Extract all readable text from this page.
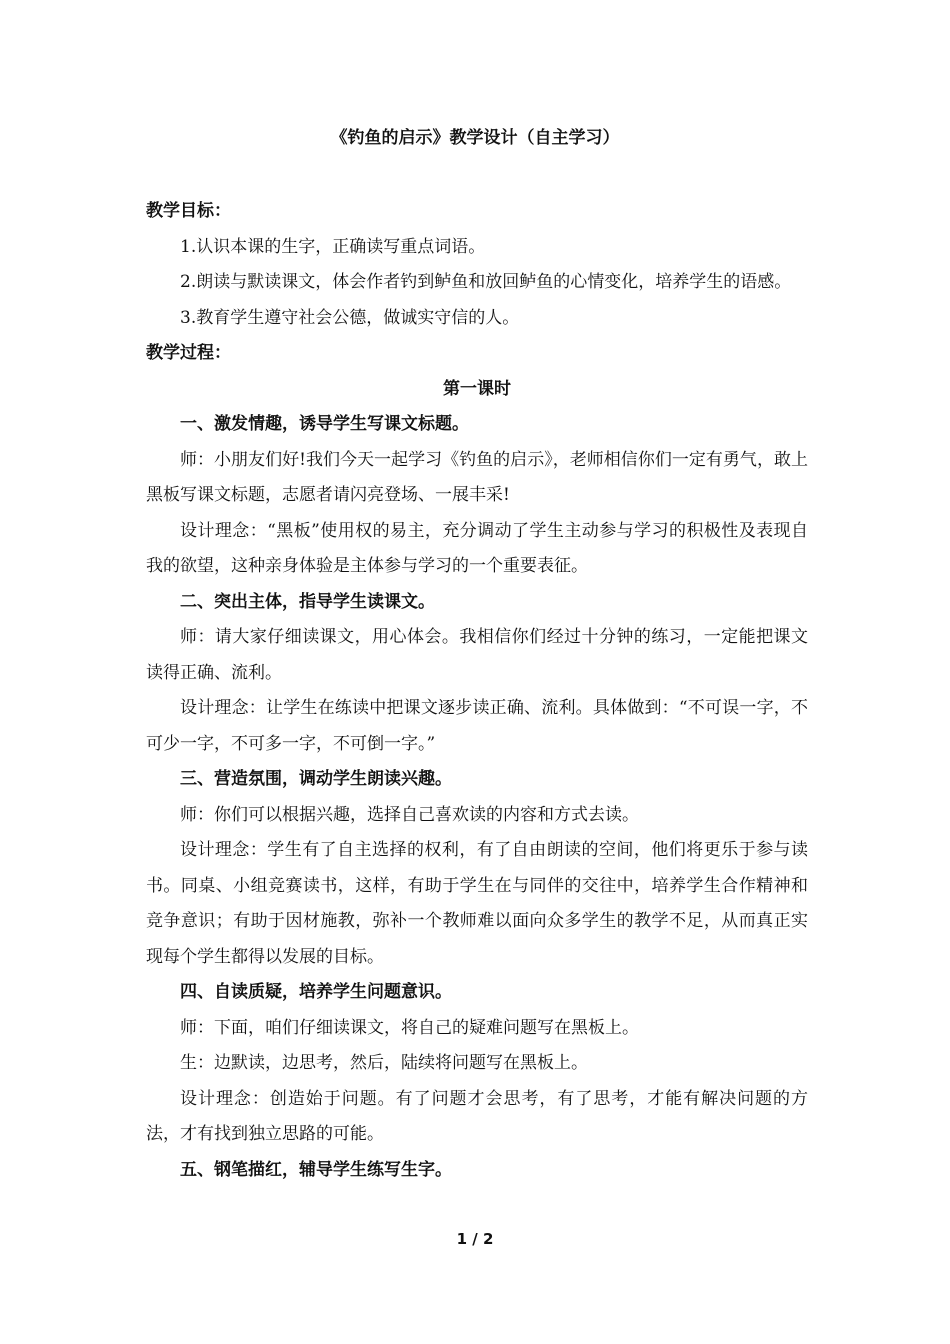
《钓鱼的启示》教学设计（自主学习）

教学目标：

1.认识本课的生字，正确读写重点词语。

2.朗读与默读课文，体会作者钓到鲈鱼和放回鲈鱼的心情变化，培养学生的语感。

3.教育学生遵守社会公德，做诚实守信的人。

教学过程：

第一课时

一、激发情趣，诱导学生写课文标题。

师：小朋友们好!我们今天一起学习《钓鱼的启示》，老师相信你们一定有勇气，敢上黑板写课文标题，志愿者请闪亮登场、一展丰采!

设计理念：“黑板”使用权的易主，充分调动了学生主动参与学习的积极性及表现自我的欲望，这种亲身体验是主体参与学习的一个重要表征。

二、突出主体，指导学生读课文。

师：请大家仔细读课文，用心体会。我相信你们经过十分钟的练习，一定能把课文读得正确、流利。

设计理念：让学生在练读中把课文逐步读正确、流利。具体做到：“不可误一字，不可少一字，不可多一字，不可倒一字。”

三、营造氛围，调动学生朗读兴趣。

师：你们可以根据兴趣，选择自己喜欢读的内容和方式去读。

设计理念：学生有了自主选择的权利，有了自由朗读的空间，他们将更乐于参与读书。同桌、小组竞赛读书，这样，有助于学生在与同伴的交往中，培养学生合作精神和竞争意识；有助于因材施教，弥补一个教师难以面向众多学生的教学不足，从而真正实现每个学生都得以发展的目标。

四、自读质疑，培养学生问题意识。

师：下面，咱们仔细读课文，将自己的疑难问题写在黑板上。

生：边默读，边思考，然后，陆续将问题写在黑板上。

设计理念：创造始于问题。有了问题才会思考，有了思考，才能有解决问题的方法，才有找到独立思路的可能。

五、钢笔描红，辅导学生练写生字。

1 / 2
